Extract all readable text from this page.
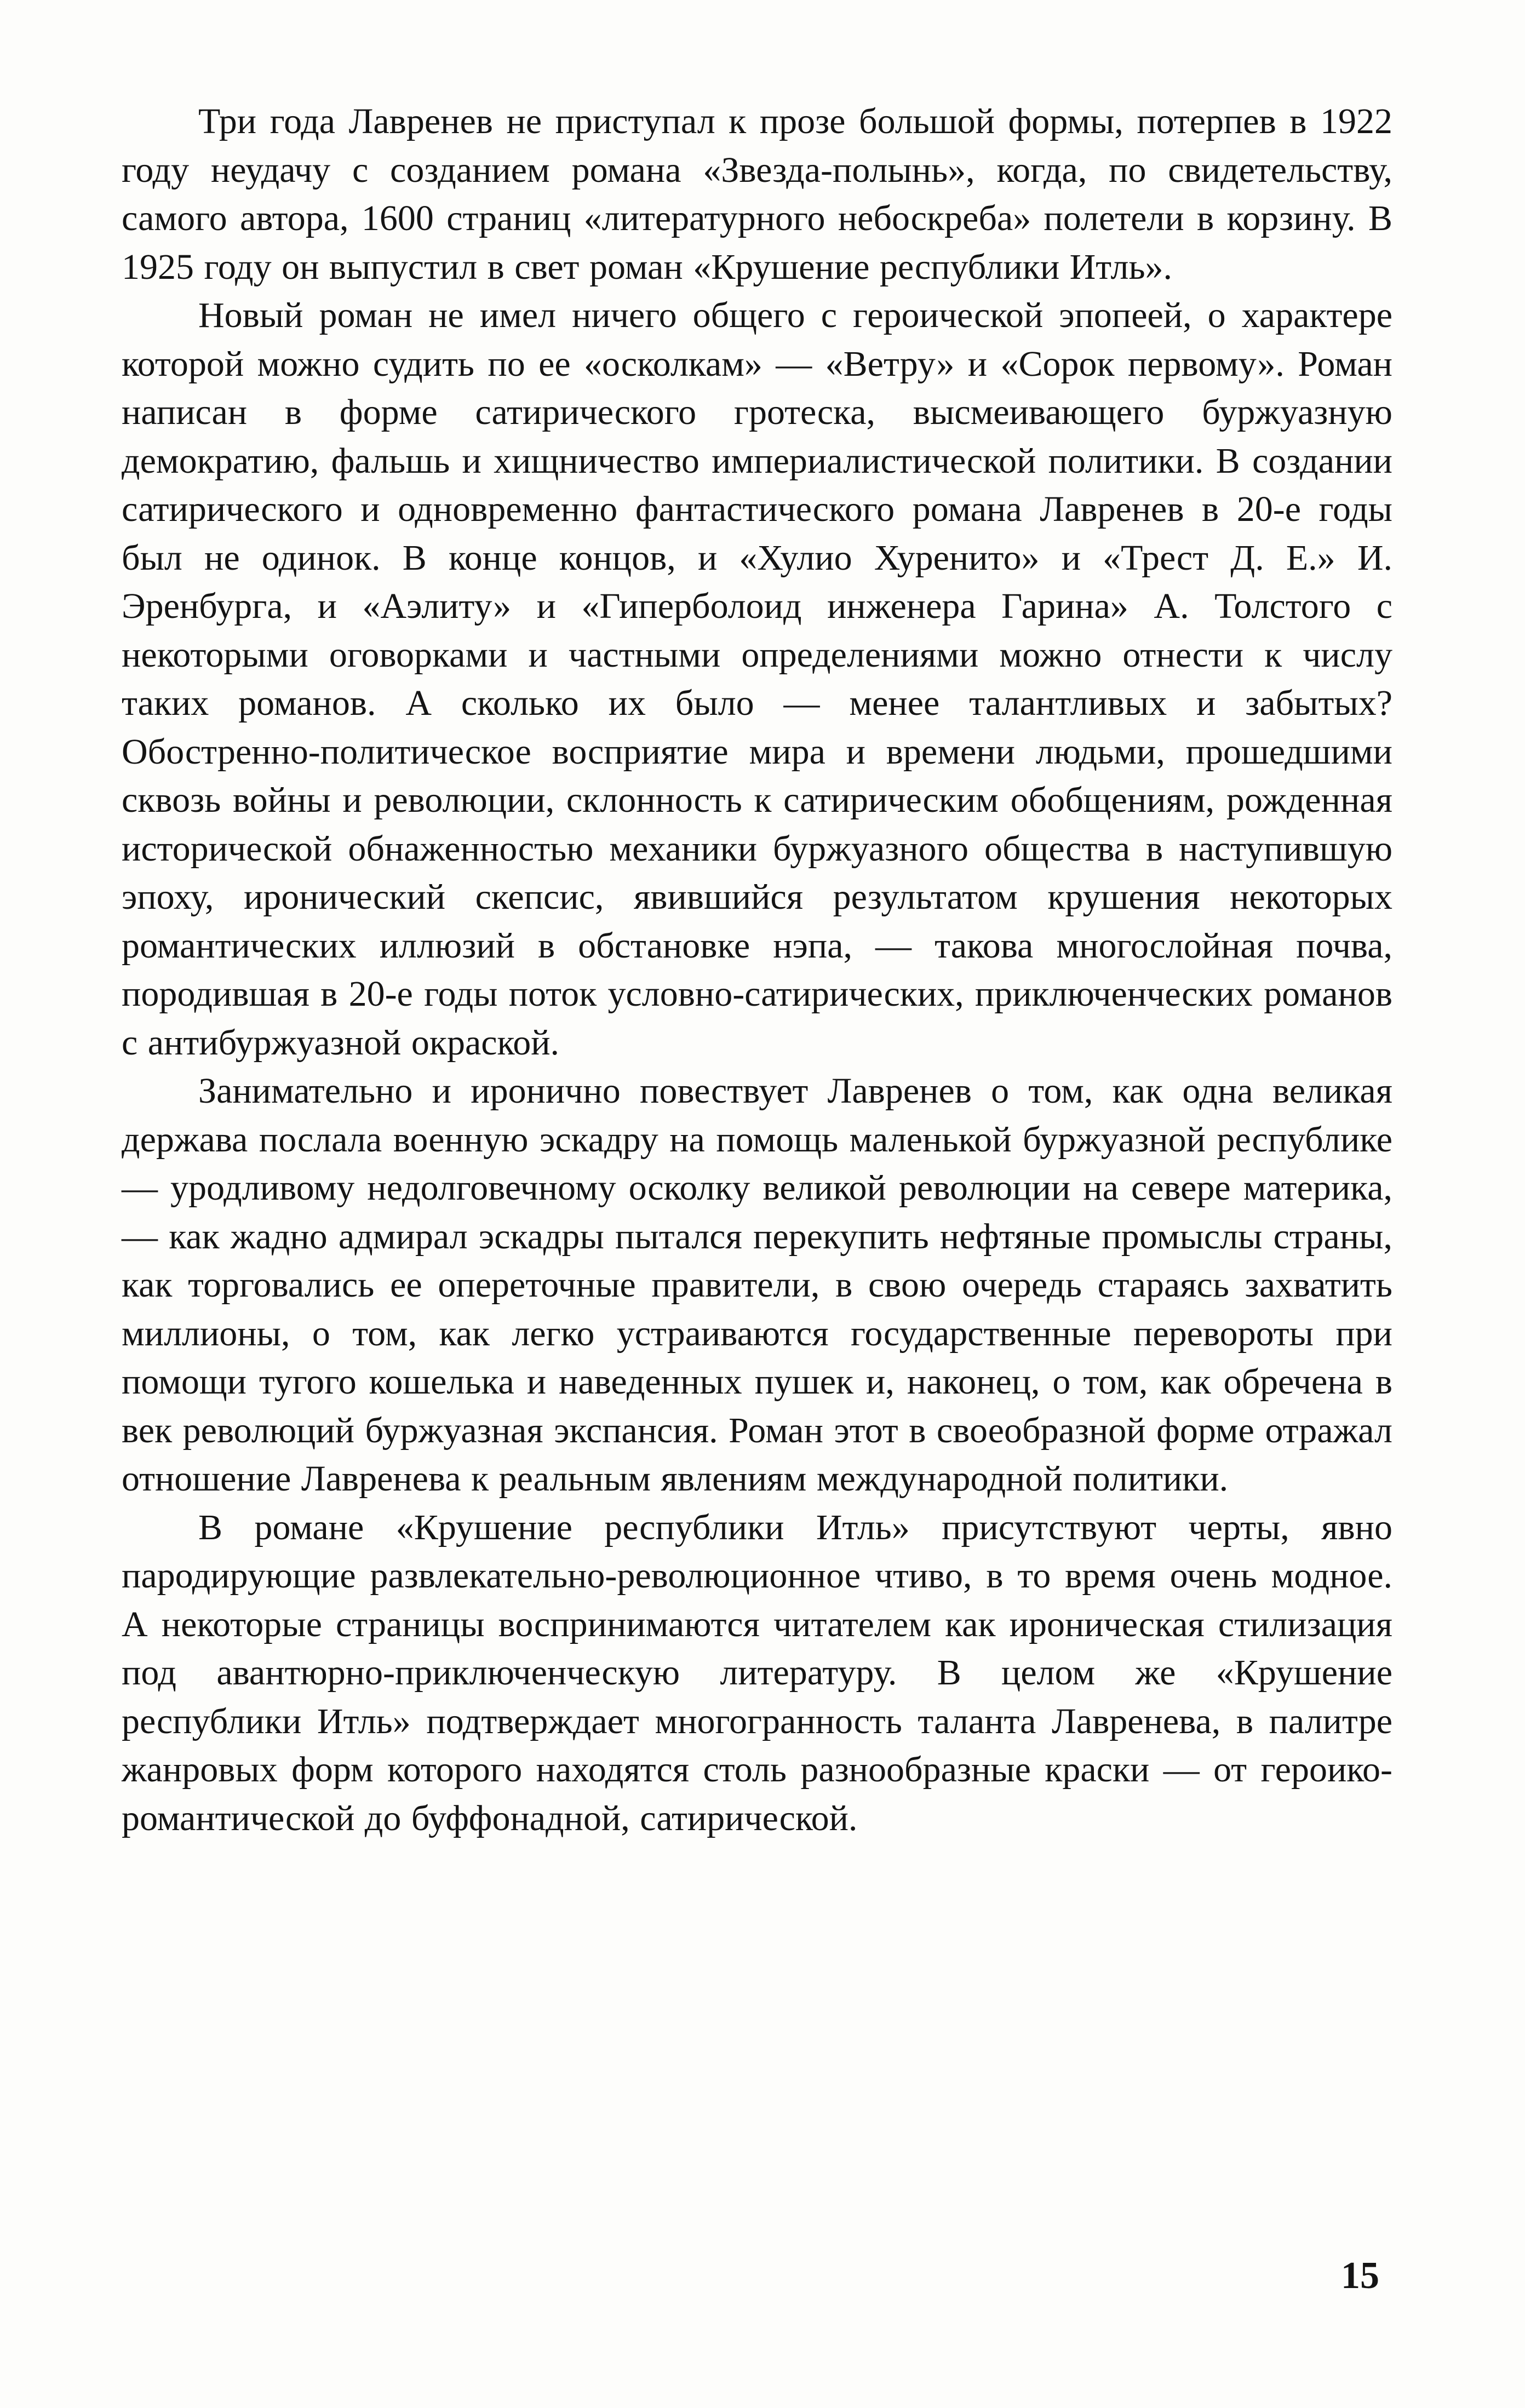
Три года Лавренев не приступал к прозе большой формы, потерпев в 1922 году неудачу с созданием романа «Звезда-полынь», когда, по свидетельству, самого автора, 1600 страниц «литературного небоскреба» полетели в корзину. В 1925 году он выпустил в свет роман «Крушение республики Итль».

Новый роман не имел ничего общего с героической эпопеей, о характере которой можно судить по ее «осколкам» — «Ветру» и «Сорок первому». Роман написан в форме сатирического гротеска, высмеивающего буржуазную демократию, фальшь и хищничество империалистической политики. В создании сатирического и одновременно фантастического романа Лавренев в 20-е годы был не одинок. В конце концов, и «Хулио Хуренито» и «Трест Д. Е.» И. Эренбурга, и «Аэлиту» и «Гиперболоид инженера Гарина» А. Толстого с некоторыми оговорками и частными определениями можно отнести к числу таких романов. А сколько их было — менее талантливых и забытых? Обостренно-политическое восприятие мира и времени людьми, прошедшими сквозь войны и революции, склонность к сатирическим обобщениям, рожденная исторической обнаженностью механики буржуазного общества в наступившую эпоху, иронический скепсис, явившийся результатом крушения некоторых романтических иллюзий в обстановке нэпа, — такова многослойная почва, породившая в 20-е годы поток условно-сатирических, приключенческих романов с антибуржуазной окраской.

Занимательно и иронично повествует Лавренев о том, как одна великая держава послала военную эскадру на помощь маленькой буржуазной республике — уродливому недолговечному осколку великой революции на севере материка, — как жадно адмирал эскадры пытался перекупить нефтяные промыслы страны, как торговались ее опереточные правители, в свою очередь стараясь захватить миллионы, о том, как легко устраиваются государственные перевороты при помощи тугого кошелька и наведенных пушек и, наконец, о том, как обречена в век революций буржуазная экспансия. Роман этот в своеобразной форме отражал отношение Лавренева к реальным явлениям международной политики.

В романе «Крушение республики Итль» присутствуют черты, явно пародирующие развлекательно-революционное чтиво, в то время очень модное. А некоторые страницы воспринимаются читателем как ироническая стилизация под авантюрно-приключенческую литературу. В целом же «Крушение республики Итль» подтверждает многогранность таланта Лавренева, в палитре жанровых форм которого находятся столь разнообразные краски — от героико-романтической до буффонадной, сатирической.

15
